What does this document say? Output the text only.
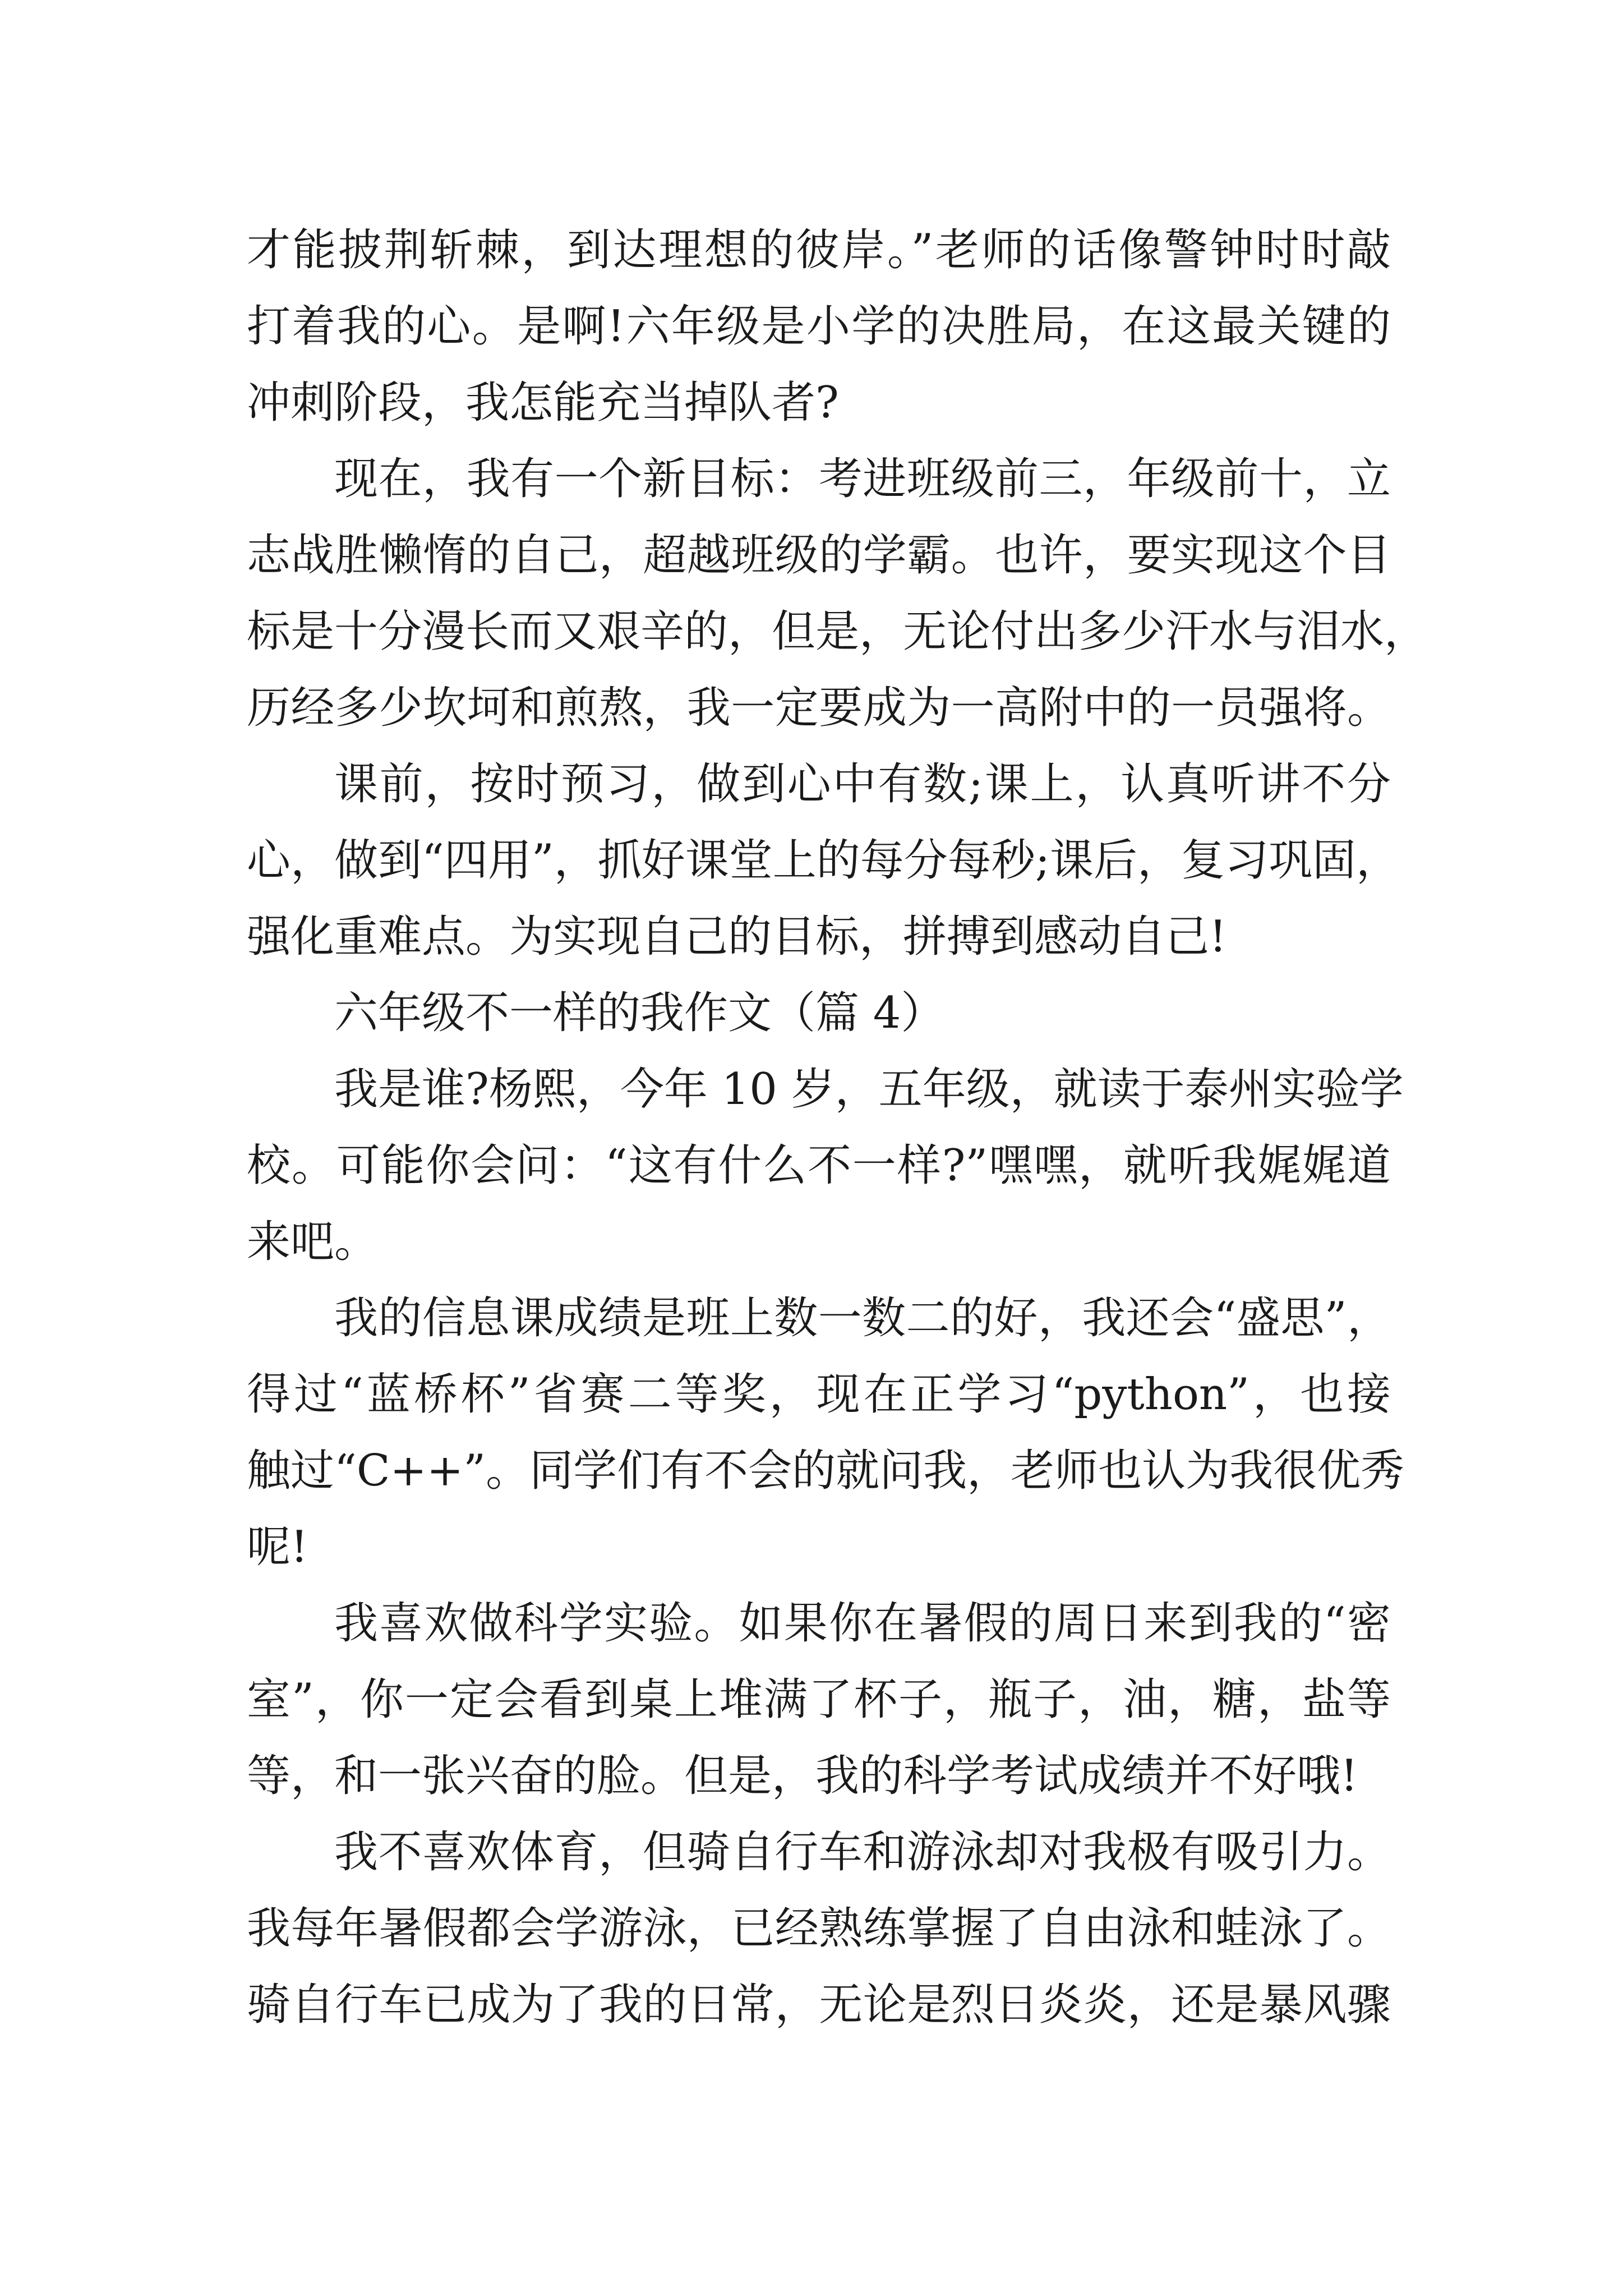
才能披荆斩棘，到达理想的彼岸。”老师的话像警钟时时敲
打着我的心。是啊!六年级是小学的决胜局，在这最关键的
冲刺阶段，我怎能充当掉队者?
现在，我有一个新目标：考进班级前三，年级前十，立
志战胜懒惰的自己，超越班级的学霸。也许，要实现这个目
标是十分漫长而又艰辛的，但是，无论付出多少汗水与泪水，
历经多少坎坷和煎熬，我一定要成为一高附中的一员强将。
课前，按时预习，做到心中有数;课上，认真听讲不分
心，做到“四用”，抓好课堂上的每分每秒;课后，复习巩固，
强化重难点。为实现自己的目标，拼搏到感动自己!
六年级不一样的我作文（篇 4）
我是谁?杨熙，今年 10 岁，五年级，就读于泰州实验学
校。可能你会问：“这有什么不一样?”嘿嘿，就听我娓娓道
来吧。
我的信息课成绩是班上数一数二的好，我还会“盛思”，
得过“蓝桥杯”省赛二等奖，现在正学习“python”，也接
触过“C++”。同学们有不会的就问我，老师也认为我很优秀
呢!
我喜欢做科学实验。如果你在暑假的周日来到我的“密
室”，你一定会看到桌上堆满了杯子，瓶子，油，糖，盐等
等，和一张兴奋的脸。但是，我的科学考试成绩并不好哦!
我不喜欢体育，但骑自行车和游泳却对我极有吸引力。
我每年暑假都会学游泳，已经熟练掌握了自由泳和蛙泳了。
骑自行车已成为了我的日常，无论是烈日炎炎，还是暴风骤
